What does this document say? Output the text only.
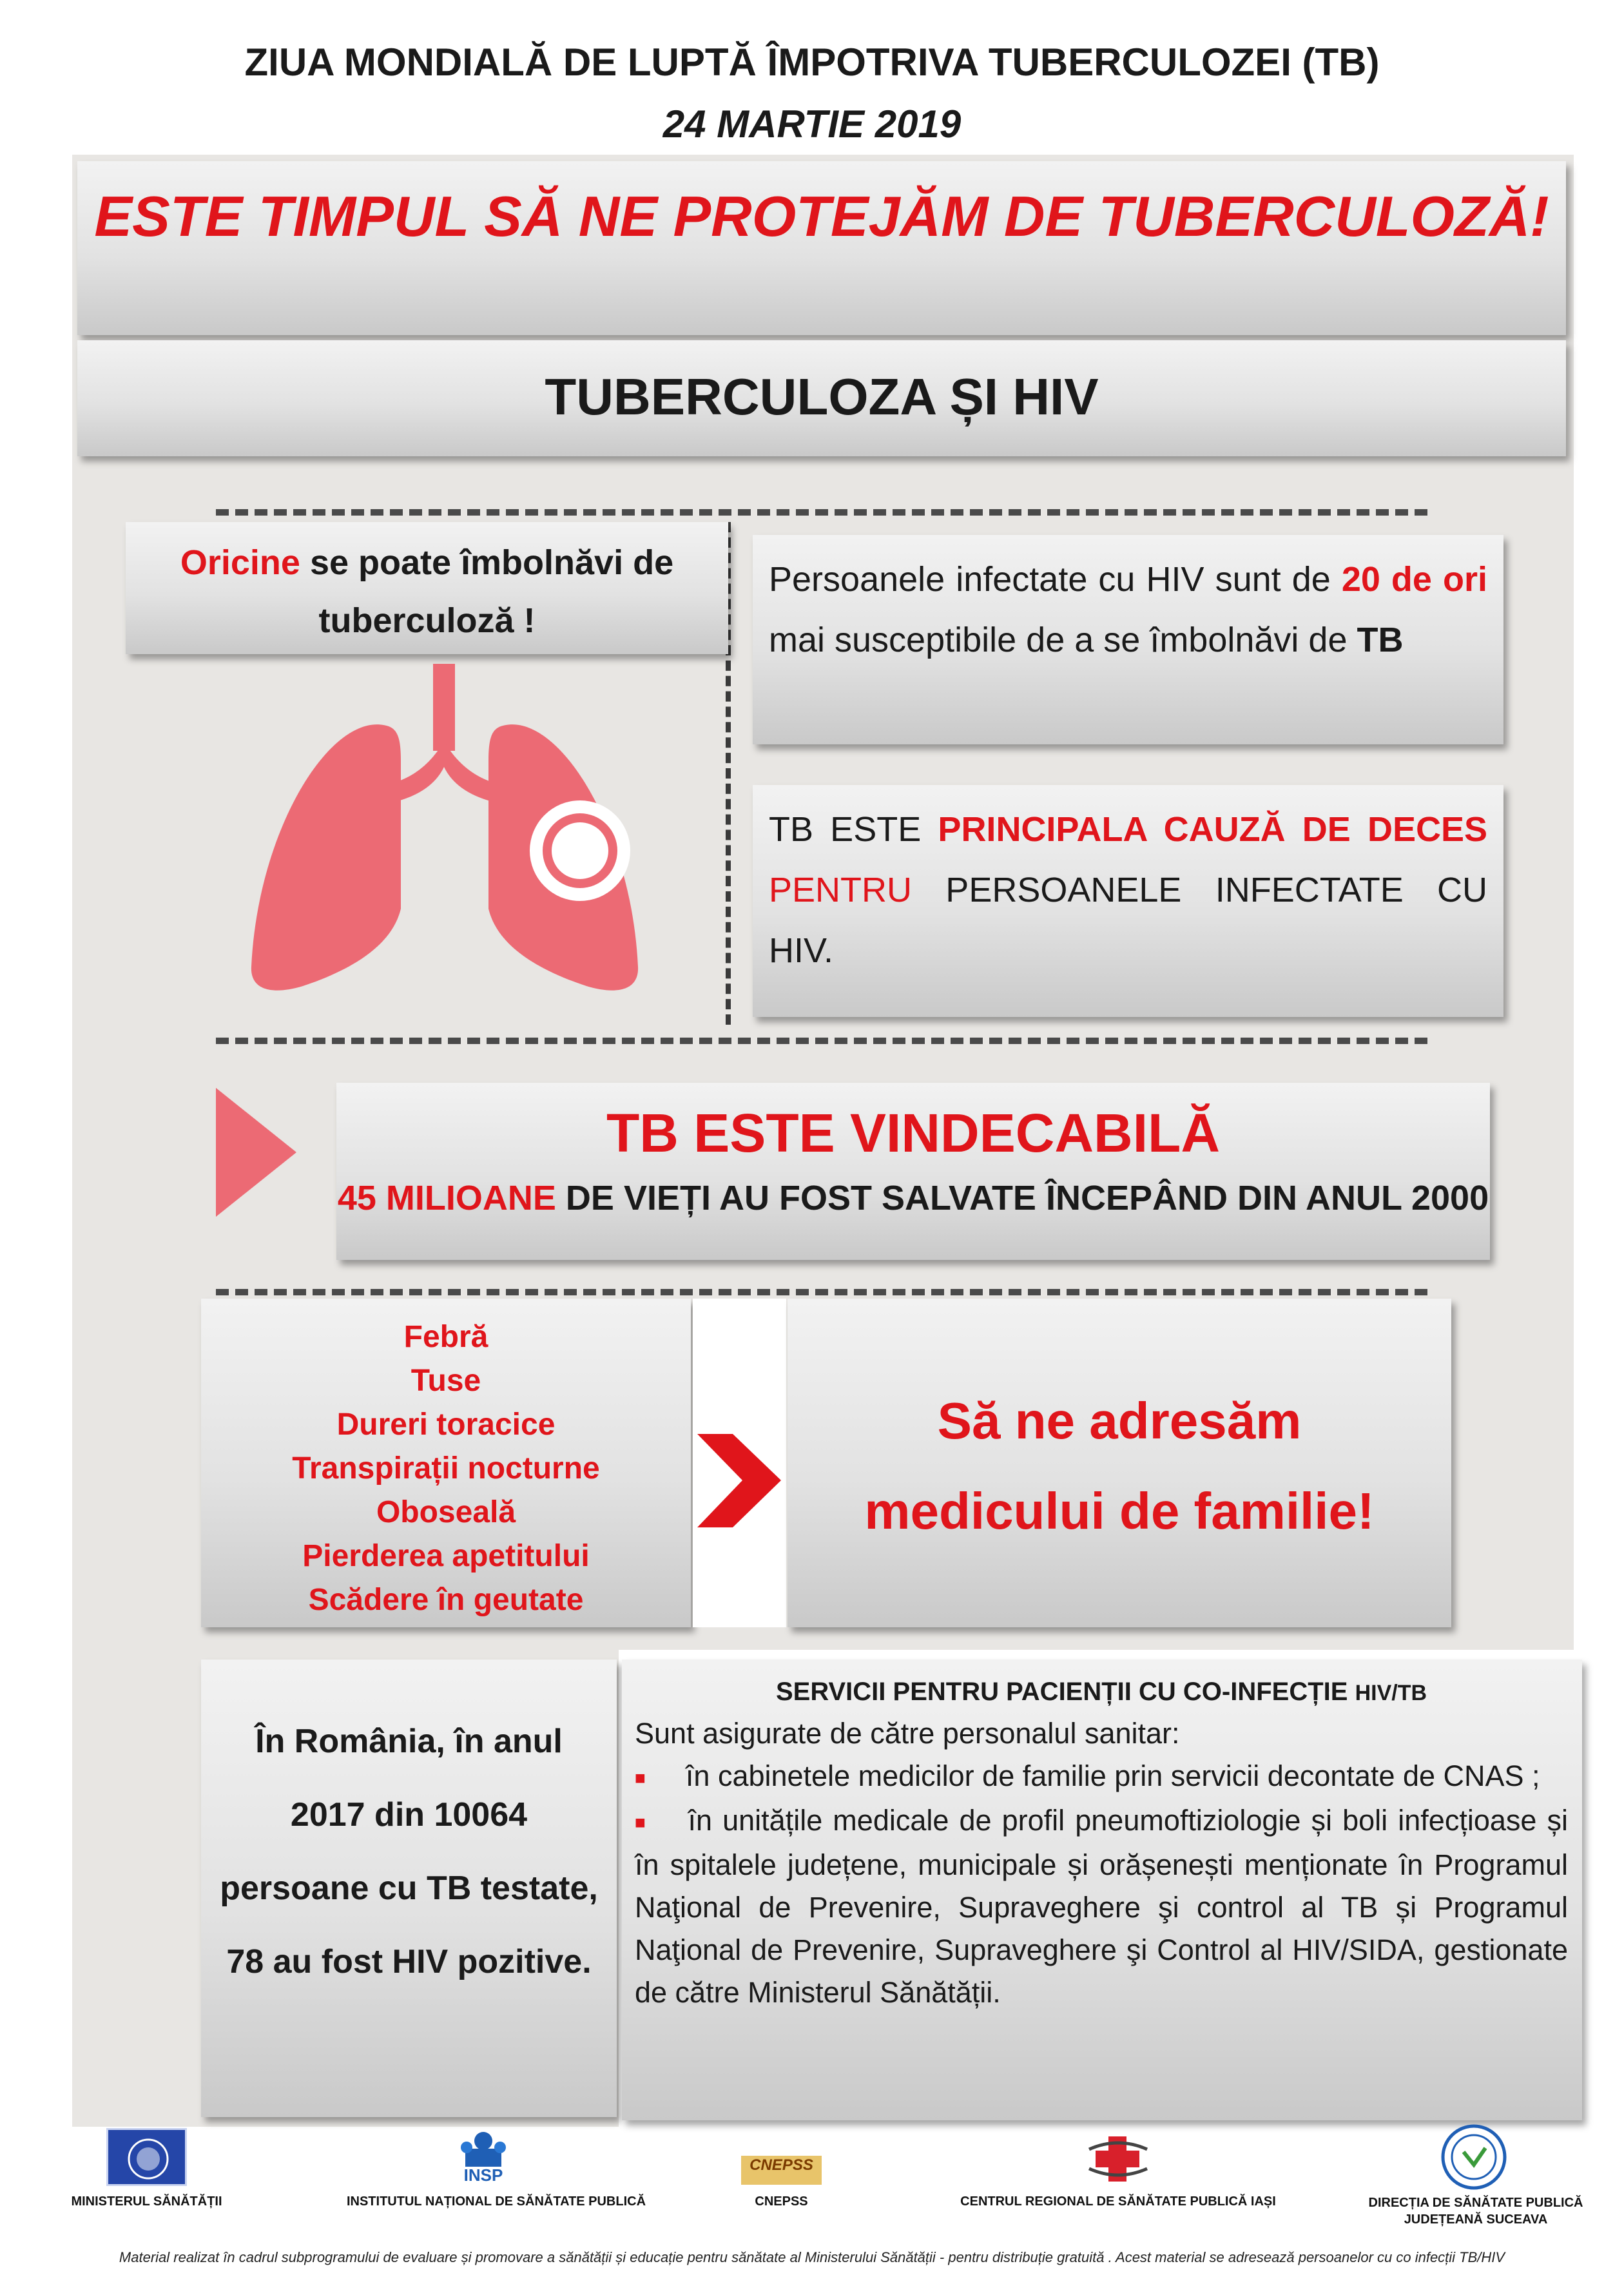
ZIUA MONDIALĂ DE LUPTĂ ÎMPOTRIVA TUBERCULOZEI (TB)
24 MARTIE 2019
ESTE TIMPUL SĂ NE PROTEJĂM DE TUBERCULOZĂ!
TUBERCULOZA ȘI HIV
Oricine se poate îmbolnăvi de
tuberculoză !
Persoanele infectate cu HIV sunt de 20 de ori mai susceptibile de a se îmbolnăvi de TB
TB ESTE PRINCIPALA CAUZĂ DE DECES PENTRU PERSOANELE INFECTATE CU HIV.
TB ESTE VINDECABILĂ
45 MILIOANE DE VIEȚI AU FOST SALVATE ÎNCEPÂND DIN ANUL 2000
Febră
Tuse
Dureri toracice
Transpirații nocturne
Oboseală
Pierderea apetitului
Scădere în geutate
Să ne adresăm
medicului de familie!
În România, în anul
2017 din 10064
persoane cu TB testate,
78 au fost HIV pozitive.
SERVICII PENTRU PACIENȚII CU CO-INFECȚIE HIV/TB
Sunt asigurate de către personalul sanitar:
■ în cabinetele medicilor de familie prin servicii decontate de CNAS ;
■ în unitățile medicale de profil pneumoftiziologie și boli infecțioase și în spitalele județene, municipale și orășenești menționate în Programul Naţional de Prevenire, Supraveghere şi control al TB și Programul Naţional de Prevenire, Supraveghere şi Control al HIV/SIDA, gestionate de către Ministerul Sănătății.
MINISTERUL SĂNĂTĂȚII
INSP
INSTITUTUL NAȚIONAL DE SĂNĂTATE PUBLICĂ
CNEPSS
CNEPSS	CENTRUL REGIONAL DE SĂNĂTATE PUBLICĂ IAȘI	DIRECȚIA DE SĂNĂTATE PUBLICĂ
JUDEȚEANĂ SUCEAVA
Material realizat în cadrul subprogramului de evaluare și promovare a sănătății și educație pentru sănătate al Ministerului Sănătății - pentru distribuție gratuită . Acest material se adresează persoanelor cu co infecții TB/HIV
